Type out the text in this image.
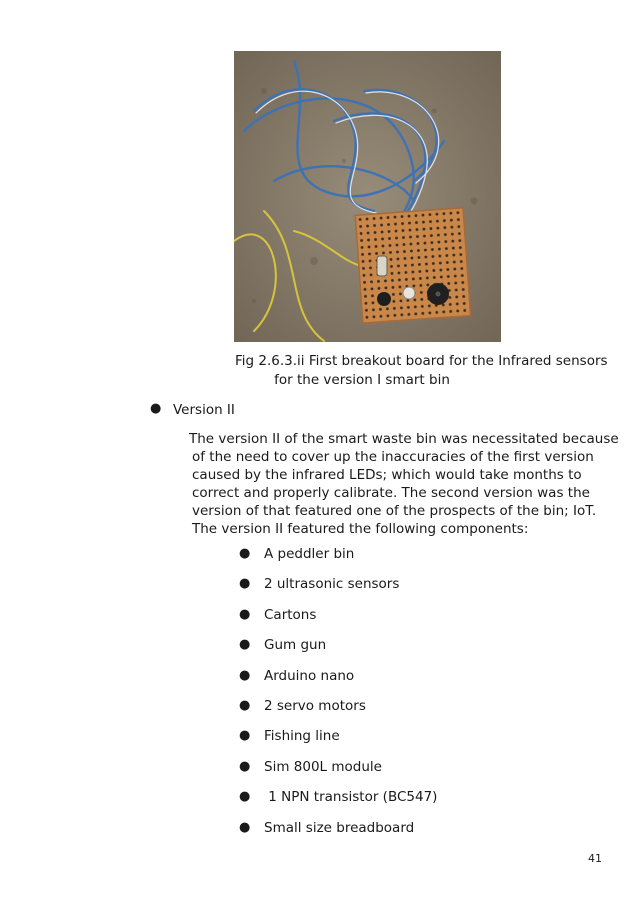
Fig 2.6.3.ii First breakout board for the Infrared sensors
for the version I smart bin
● Version II

The version II of the smart waste bin was necessitated because
of the need to cover up the inaccuracies of the first version
caused by the infrared LEDs; which would take months to
correct and properly calibrate. The second version was the
version of that featured one of the prospects of the bin; IoT.
The version II featured the following components:

● A peddler bin
● 2 ultrasonic sensors
● Cartons
● Gum gun
● Arduino nano
● 2 servo motors
● Fishing line
● Sim 800L module
● 1 NPN transistor (BC547)
● Small size breadboard
41
